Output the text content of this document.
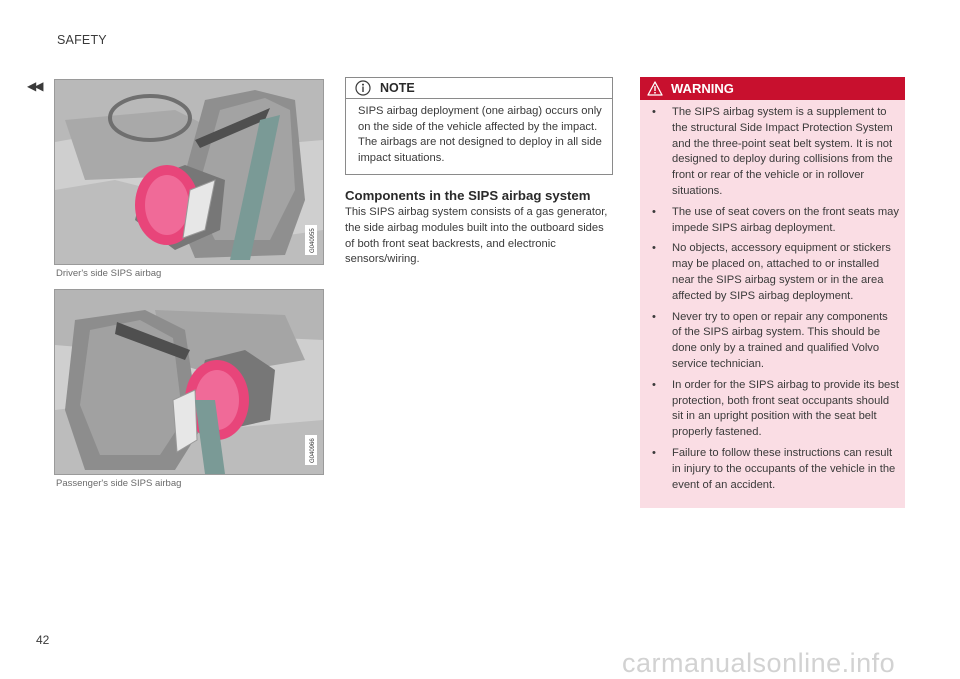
SAFETY
◀◀
G040955
Driver's side SIPS airbag
G040966
Passenger's side SIPS airbag
NOTE
SIPS airbag deployment (one airbag) occurs only on the side of the vehicle affected by the impact. The airbags are not designed to deploy in all side impact situations.
Components in the SIPS airbag system
This SIPS airbag system consists of a gas generator, the side airbag modules built into the outboard sides of both front seat backrests, and electronic sensors/wiring.
WARNING
• The SIPS airbag system is a supplement to the structural Side Impact Protection System and the three-point seat belt system. It is not designed to deploy during collisions from the front or rear of the vehicle or in rollover situations.
• The use of seat covers on the front seats may impede SIPS airbag deployment.
• No objects, accessory equipment or stickers may be placed on, attached to or installed near the SIPS airbag system or in the area affected by SIPS airbag deployment.
• Never try to open or repair any components of the SIPS airbag system. This should be done only by a trained and qualified Volvo service technician.
• In order for the SIPS airbag to provide its best protection, both front seat occupants should sit in an upright position with the seat belt properly fastened.
• Failure to follow these instructions can result in injury to the occupants of the vehicle in the event of an accident.
42
carmanualsonline.info
